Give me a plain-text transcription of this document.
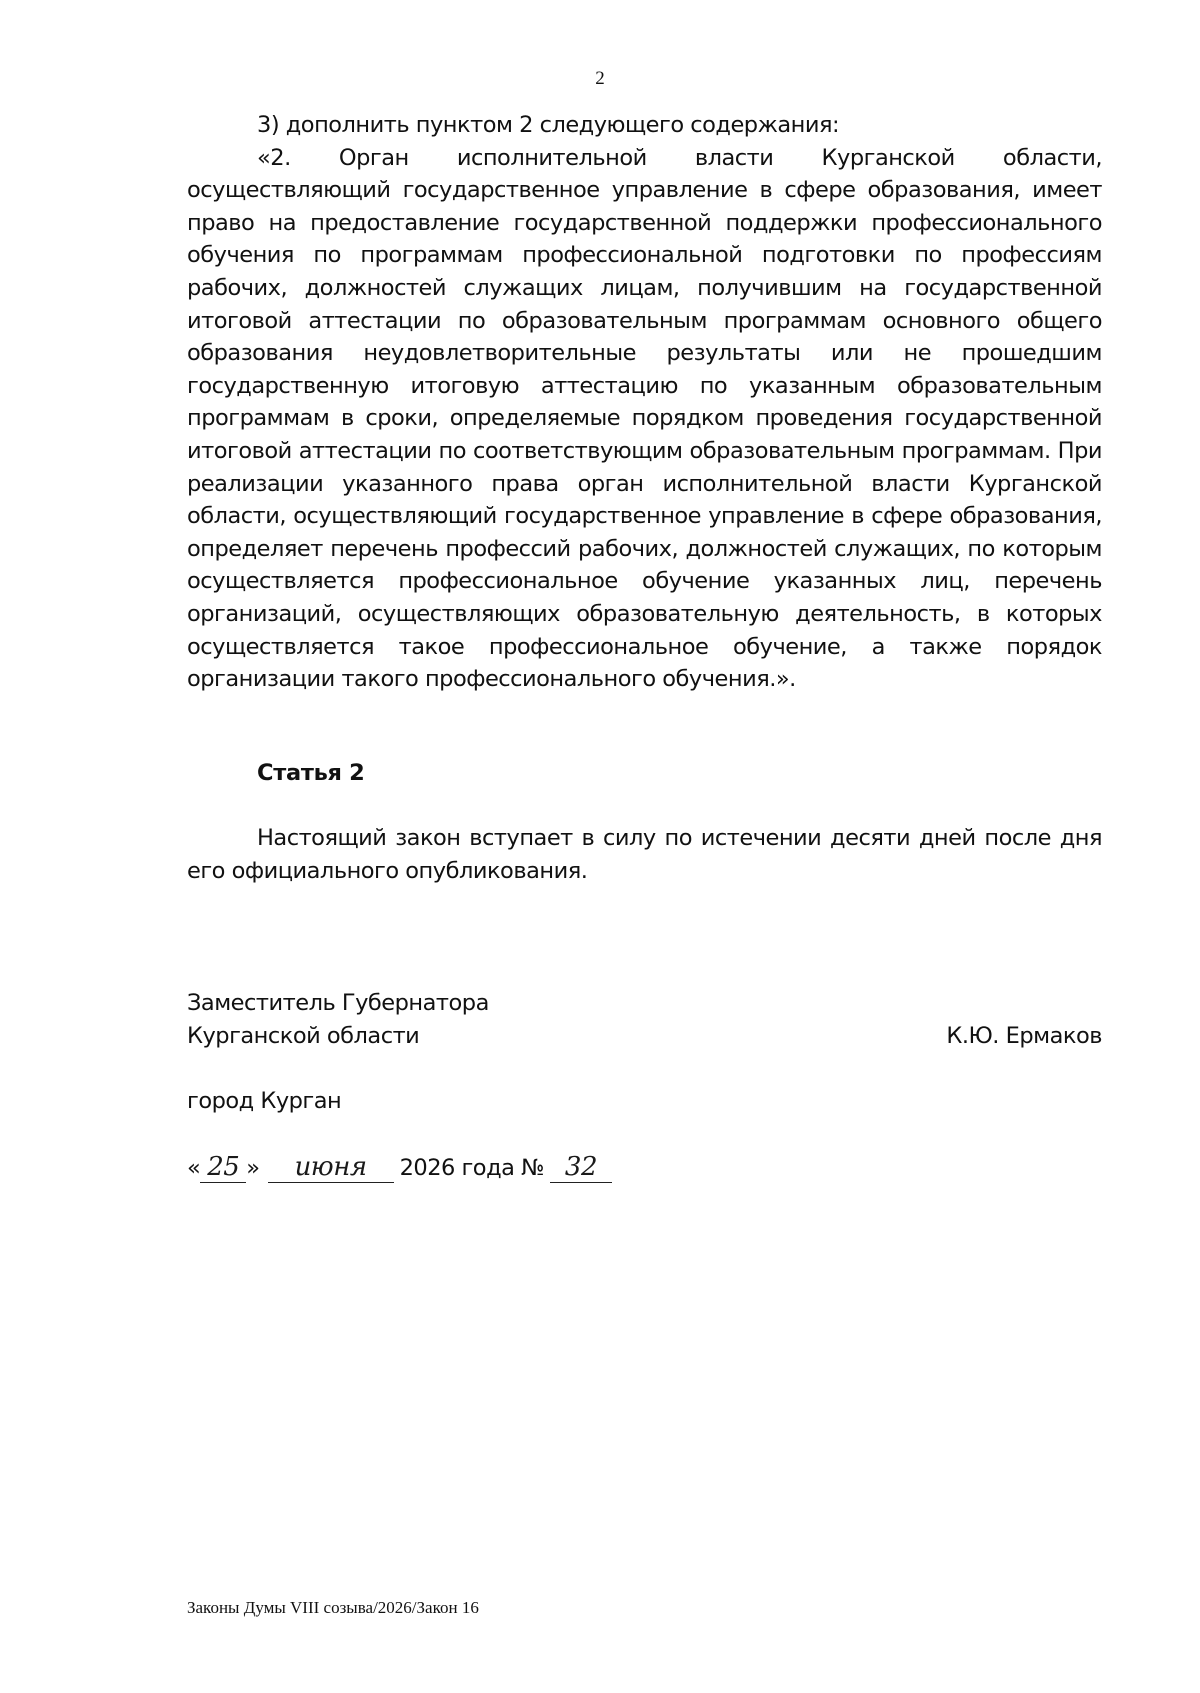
2

3) дополнить пунктом 2 следующего содержания:

«2. Орган исполнительной власти Курганской области, осуществляющий государственное управление в сфере образования, имеет право на предоставление государственной поддержки профессионального обучения по программам профессиональной подготовки по профессиям рабочих, должностей служащих лицам, получившим на государственной итоговой аттестации по образовательным программам основного общего образования неудовлетворительные результаты или не прошедшим государственную итоговую аттестацию по указанным образовательным программам в сроки, определяемые порядком проведения государственной итоговой аттестации по соответствующим образовательным программам. При реализации указанного права орган исполнительной власти Курганской области, осуществляющий государственное управление в сфере образования, определяет перечень профессий рабочих, должностей служащих, по которым осуществляется профессиональное обучение указанных лиц, перечень организаций, осуществляющих образовательную деятельность, в которых осуществляется такое профессиональное обучение, а также порядок организации такого профессионального обучения.».

Статья 2

Настоящий закон вступает в силу по истечении десяти дней после дня его официального опубликования.

Заместитель Губернатора
Курганской области	К.Ю. Ермаков
город Курган
« 25 » июня 2026 года № 32
Законы Думы VIII созыва/2026/Закон 16
